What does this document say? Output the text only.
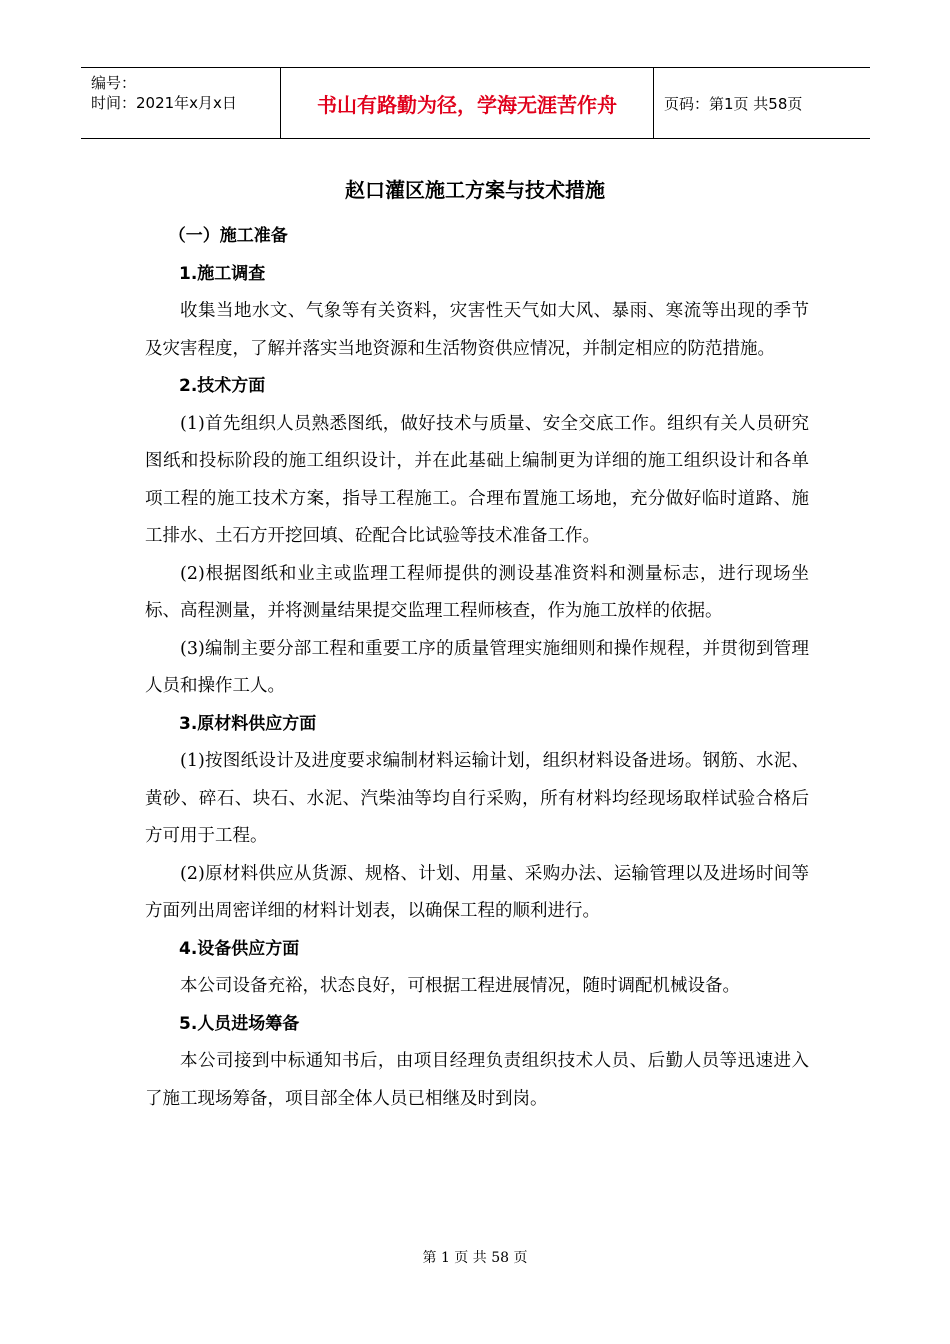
编号：
时间：2021年x月x日	书山有路勤为径，学海无涯苦作舟	页码：第1页 共58页
赵口灌区施工方案与技术措施

（一）施工准备

1.施工调查

收集当地水文、气象等有关资料，灾害性天气如大风、暴雨、寒流等出现的季节及灾害程度，了解并落实当地资源和生活物资供应情况，并制定相应的防范措施。

2.技术方面

(1)首先组织人员熟悉图纸，做好技术与质量、安全交底工作。组织有关人员研究图纸和投标阶段的施工组织设计，并在此基础上编制更为详细的施工组织设计和各单项工程的施工技术方案，指导工程施工。合理布置施工场地，充分做好临时道路、施工排水、土石方开挖回填、砼配合比试验等技术准备工作。

(2)根据图纸和业主或监理工程师提供的测设基准资料和测量标志，进行现场坐标、高程测量，并将测量结果提交监理工程师核查，作为施工放样的依据。

(3)编制主要分部工程和重要工序的质量管理实施细则和操作规程，并贯彻到管理人员和操作工人。

3.原材料供应方面

(1)按图纸设计及进度要求编制材料运输计划，组织材料设备进场。钢筋、水泥、黄砂、碎石、块石、水泥、汽柴油等均自行采购，所有材料均经现场取样试验合格后方可用于工程。

(2)原材料供应从货源、规格、计划、用量、采购办法、运输管理以及进场时间等方面列出周密详细的材料计划表，以确保工程的顺利进行。

4.设备供应方面

本公司设备充裕，状态良好，可根据工程进展情况，随时调配机械设备。

5.人员进场筹备

本公司接到中标通知书后，由项目经理负责组织技术人员、后勤人员等迅速进入了施工现场筹备，项目部全体人员已相继及时到岗。

第 1 页 共 58 页
